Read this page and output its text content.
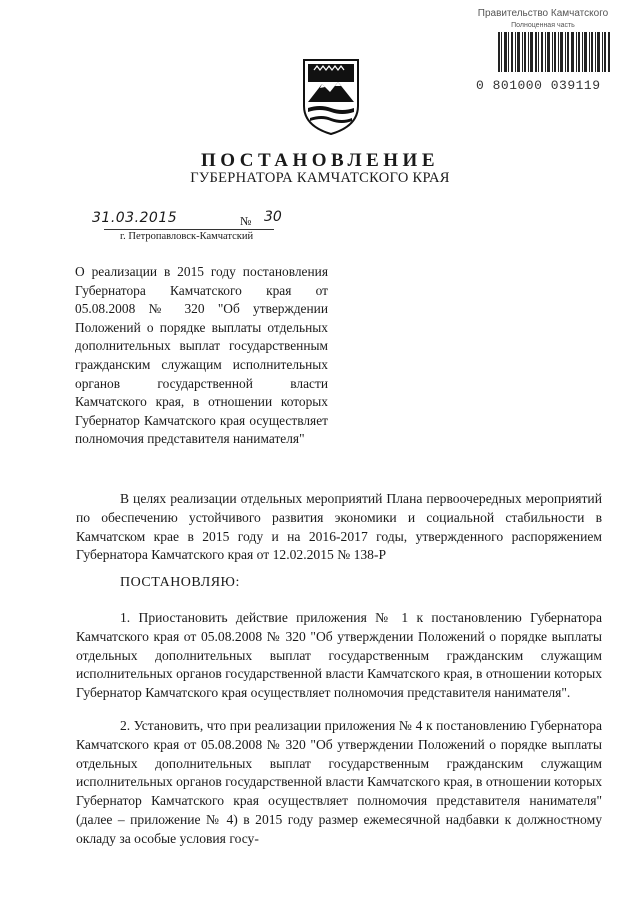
Правительство Камчатского
Полноценная часть
0 801000 039119
ПОСТАНОВЛЕНИЕ
ГУБЕРНАТОРА КАМЧАТСКОГО КРАЯ
31.03.2015	№ 30
г. Петропавловск-Камчатский
О реализации в 2015 году постановления Губернатора Камчатского края от 05.08.2008 № 320 "Об утверждении Положений о порядке выплаты отдельных дополнительных выплат государственным гражданским служащим исполнительных органов государственной власти Камчатского края, в отношении которых Губернатор Камчатского края осуществляет полномочия представителя нанимателя"
В целях реализации отдельных мероприятий Плана первоочередных мероприятий по обеспечению устойчивого развития экономики и социальной стабильности в Камчатском крае в 2015 году и на 2016-2017 годы, утвержденного распоряжением Губернатора Камчатского края от 12.02.2015 № 138-Р
ПОСТАНОВЛЯЮ:
1. Приостановить действие приложения № 1 к постановлению Губернатора Камчатского края от 05.08.2008 № 320 "Об утверждении Положений о порядке выплаты отдельных дополнительных выплат государственным гражданским служащим исполнительных органов государственной власти Камчатского края, в отношении которых Губернатор Камчатского края осуществляет полномочия представителя нанимателя".
2. Установить, что при реализации приложения № 4 к постановлению Губернатора Камчатского края от 05.08.2008 № 320 "Об утверждении Положений о порядке выплаты отдельных дополнительных выплат государственным гражданским служащим исполнительных органов государственной власти Камчатского края, в отношении которых Губернатор Камчатского края осуществляет полномочия представителя нанимателя" (далее – приложение № 4) в 2015 году размер ежемесячной надбавки к должностному окладу за особые условия госу-
